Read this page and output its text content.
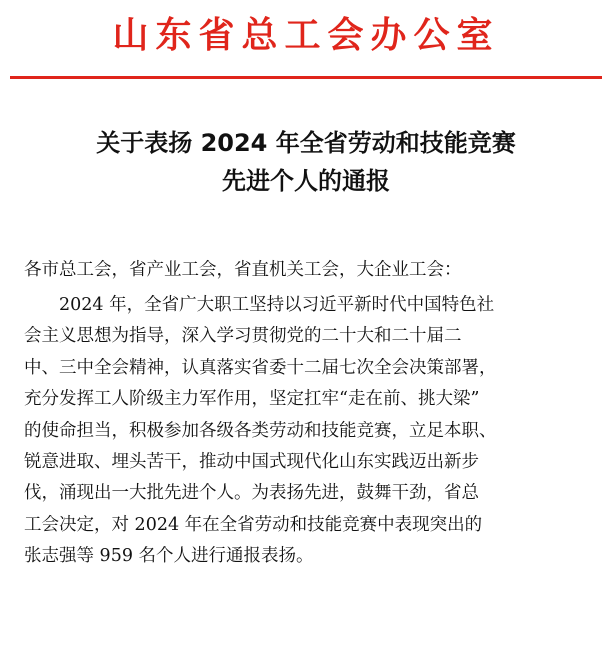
山东省总工会办公室
关于表扬 2024 年全省劳动和技能竞赛
先进个人的通报
各市总工会，省产业工会，省直机关工会，大企业工会：
2024 年，全省广大职工坚持以习近平新时代中国特色社
会主义思想为指导，深入学习贯彻党的二十大和二十届二
中、三中全会精神，认真落实省委十二届七次全会决策部署，
充分发挥工人阶级主力军作用，坚定扛牢“走在前、挑大梁”
的使命担当，积极参加各级各类劳动和技能竞赛，立足本职、
锐意进取、埋头苦干，推动中国式现代化山东实践迈出新步
伐，涌现出一大批先进个人。为表扬先进，鼓舞干劲，省总
工会决定，对 2024 年在全省劳动和技能竞赛中表现突出的
张志强等 959 名个人进行通报表扬。
